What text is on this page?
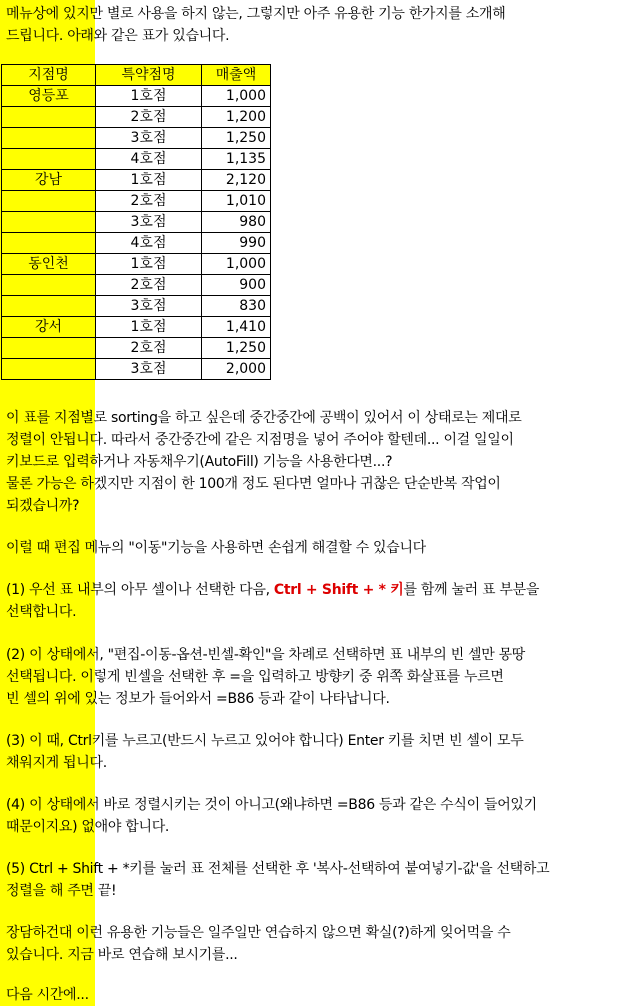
메뉴상에 있지만 별로 사용을 하지 않는, 그렇지만 아주 유용한 기능 한가지를 소개해
드립니다. 아래와 같은 표가 있습니다.
지점명	특약점명	매출액
영등포	1호점	1,000
	2호점	1,200
	3호점	1,250
	4호점	1,135
강남	1호점	2,120
	2호점	1,010
	3호점	980
	4호점	990
동인천	1호점	1,000
	2호점	900
	3호점	830
강서	1호점	1,410
	2호점	1,250
	3호점	2,000
이 표를 지점별로 sorting을 하고 싶은데 중간중간에 공백이 있어서 이 상태로는 제대로
정렬이 안됩니다. 따라서 중간중간에 같은 지점명을 넣어 주어야 할텐데... 이걸 일일이
키보드로 입력하거나 자동채우기(AutoFill) 기능을 사용한다면...?
물론 가능은 하겠지만 지점이 한 100개 정도 된다면 얼마나 귀찮은 단순반복 작업이
되겠습니까?
이럴 때 편집 메뉴의 "이동"기능을 사용하면 손쉽게 해결할 수 있습니다
(1) 우선 표 내부의 아무 셀이나 선택한 다음, Ctrl + Shift + * 키를 함께 눌러 표 부분을
선택합니다.
(2) 이 상태에서, "편집-이동-옵션-빈셀-확인"을 차례로 선택하면 표 내부의 빈 셀만 몽땅
선택됩니다. 이렇게 빈셀을 선택한 후 =을 입력하고 방향키 중 위쪽 화살표를 누르면
빈 셀의 위에 있는 정보가 들어와서 =B86 등과 같이 나타납니다.
(3) 이 때, Ctrl키를 누르고(반드시 누르고 있어야 합니다) Enter 키를 치면 빈 셀이 모두
채워지게 됩니다.
(4) 이 상태에서 바로 정렬시키는 것이 아니고(왜냐하면 =B86 등과 같은 수식이 들어있기
때문이지요) 없애야 합니다.
(5) Ctrl + Shift + *키를 눌러 표 전체를 선택한 후 '복사-선택하여 붙여넣기-값'을 선택하고
정렬을 해 주면 끝!
장담하건대 이런 유용한 기능들은 일주일만 연습하지 않으면 확실(?)하게 잊어먹을 수
있습니다. 지금 바로 연습해 보시기를...
다음 시간에...
